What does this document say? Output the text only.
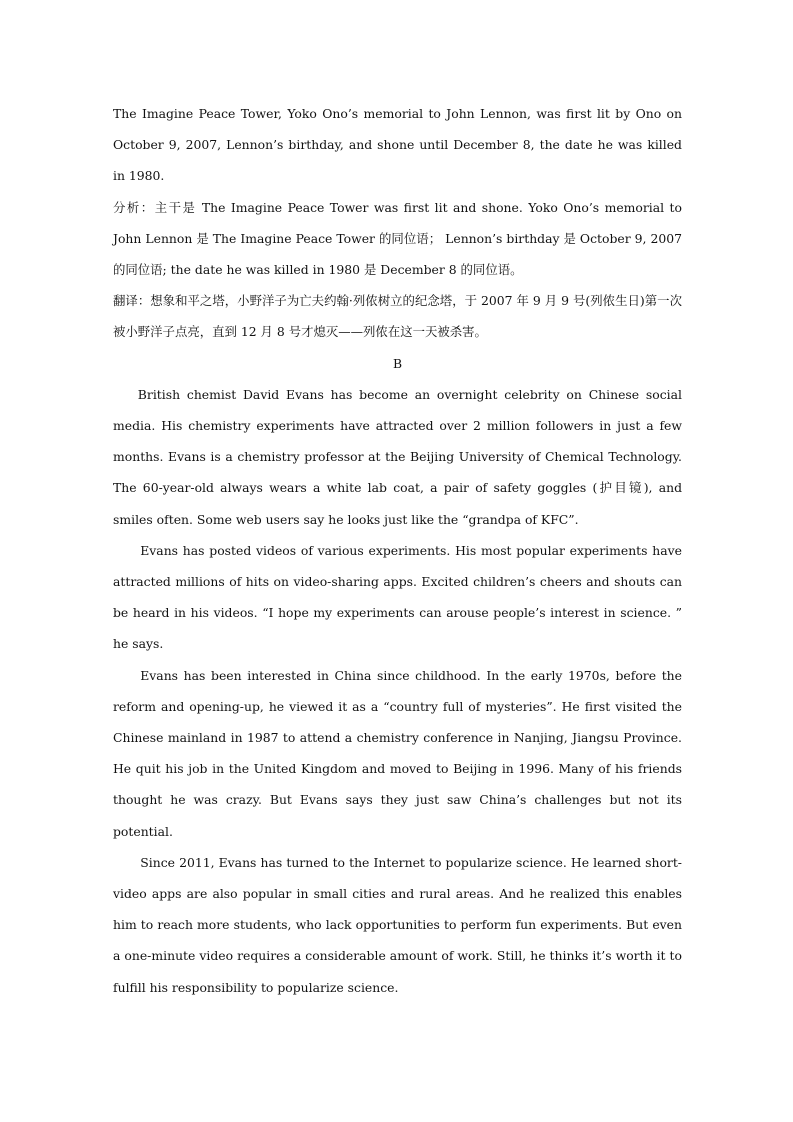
The Imagine Peace Tower, Yoko Ono’s memorial to John Lennon, was first lit by Ono on October 9, 2007, Lennon’s birthday, and shone until December 8, the date he was killed in 1980.

分析：主干是 The Imagine Peace Tower was first lit and shone. Yoko Ono’s memorial to John Lennon 是 The Imagine Peace Tower 的同位语； Lennon’s birthday 是 October 9, 2007 的同位语; the date he was killed in 1980 是 December 8 的同位语。

翻译：想象和平之塔，小野洋子为亡夫约翰·列侬树立的纪念塔，于 2007 年 9 月 9 号(列侬生日)第一次被小野洋子点亮，直到 12 月 8 号才熄灭——列侬在这一天被杀害。

B

British chemist David Evans has become an overnight celebrity on Chinese social media. His chemistry experiments have attracted over 2 million followers in just a few months. Evans is a chemistry professor at the Beijing University of Chemical Technology. The 60-year-old always wears a white lab coat, a pair of safety goggles (护目镜), and smiles often. Some web users say he looks just like the “grandpa of KFC”.

Evans has posted videos of various experiments. His most popular experiments have attracted millions of hits on video-sharing apps. Excited children’s cheers and shouts can be heard in his videos. “I hope my experiments can arouse people’s interest in science. ” he says.

Evans has been interested in China since childhood. In the early 1970s, before the reform and opening-up, he viewed it as a “country full of mysteries”. He first visited the Chinese mainland in 1987 to attend a chemistry conference in Nanjing, Jiangsu Province. He quit his job in the United Kingdom and moved to Beijing in 1996. Many of his friends thought he was crazy. But Evans says they just saw China’s challenges but not its potential.

Since 2011, Evans has turned to the Internet to popularize science. He learned short-video apps are also popular in small cities and rural areas. And he realized this enables him to reach more students, who lack opportunities to perform fun experiments. But even a one-minute video requires a considerable amount of work. Still, he thinks it’s worth it to fulfill his responsibility to popularize science.
